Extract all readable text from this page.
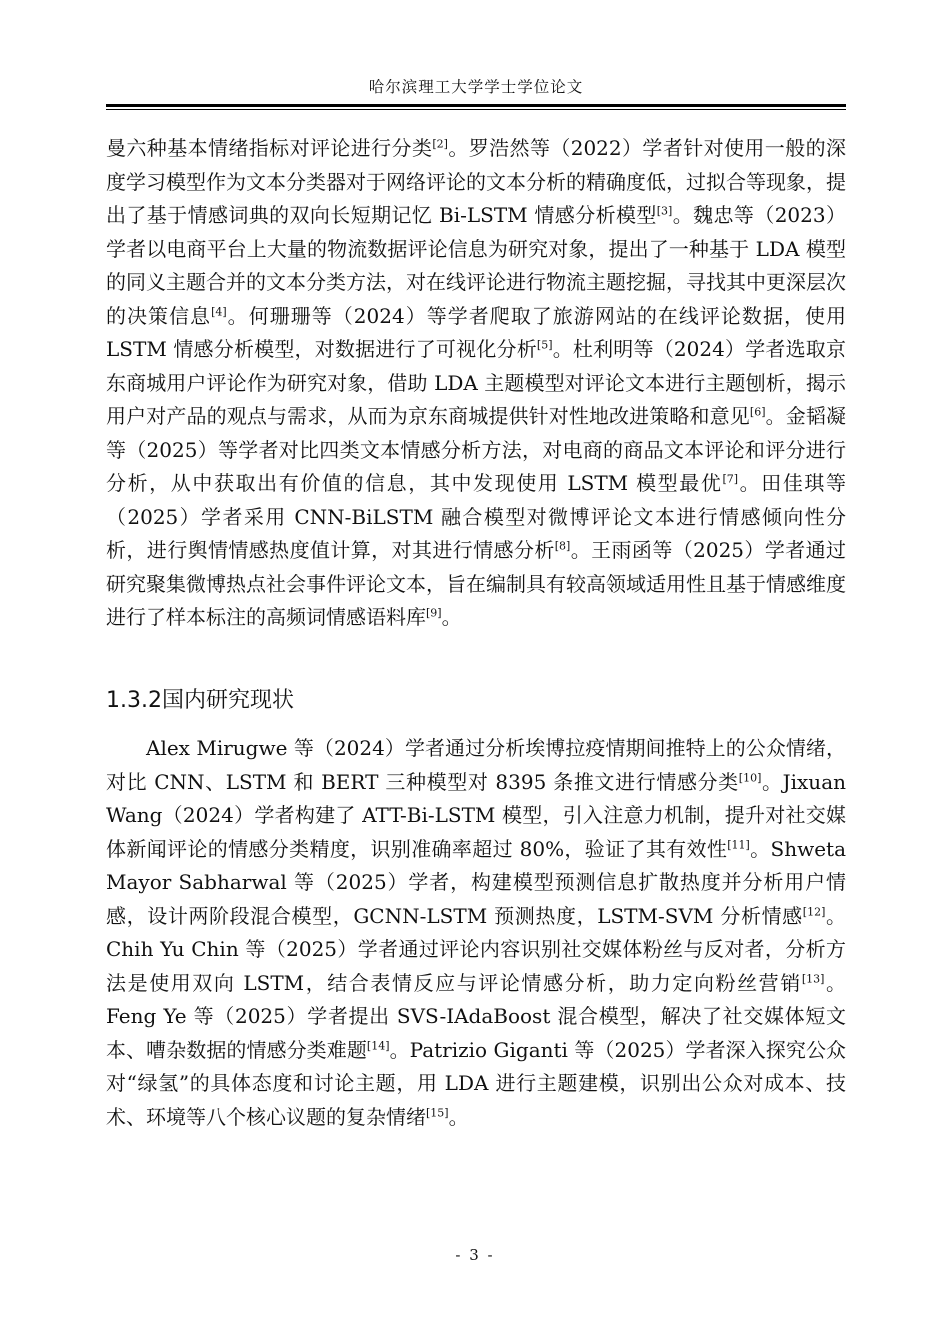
哈尔滨理工大学学士学位论文

曼六种基本情绪指标对评论进行分类[2]。罗浩然等（2022）学者针对使用一般的深度学习模型作为文本分类器对于网络评论的文本分析的精确度低，过拟合等现象，提出了基于情感词典的双向长短期记忆 Bi-LSTM 情感分析模型[3]。魏忠等（2023）学者以电商平台上大量的物流数据评论信息为研究对象，提出了一种基于 LDA 模型的同义主题合并的文本分类方法，对在线评论进行物流主题挖掘，寻找其中更深层次的决策信息[4]。何珊珊等（2024）等学者爬取了旅游网站的在线评论数据，使用 LSTM 情感分析模型，对数据进行了可视化分析[5]。杜利明等（2024）学者选取京东商城用户评论作为研究对象，借助 LDA 主题模型对评论文本进行主题刨析，揭示用户对产品的观点与需求，从而为京东商城提供针对性地改进策略和意见[6]。金韬凝等（2025）等学者对比四类文本情感分析方法，对电商的商品文本评论和评分进行分析，从中获取出有价值的信息，其中发现使用 LSTM 模型最优[7]。田佳琪等（2025）学者采用 CNN-BiLSTM 融合模型对微博评论文本进行情感倾向性分析，进行舆情情感热度值计算，对其进行情感分析[8]。王雨函等（2025）学者通过研究聚集微博热点社会事件评论文本，旨在编制具有较高领域适用性且基于情感维度进行了样本标注的高频词情感语料库[9]。

1.3.2国内研究现状

Alex Mirugwe 等（2024）学者通过分析埃博拉疫情期间推特上的公众情绪，对比 CNN、LSTM 和 BERT 三种模型对 8395 条推文进行情感分类[10]。Jixuan Wang（2024）学者构建了 ATT-Bi-LSTM 模型，引入注意力机制，提升对社交媒体新闻评论的情感分类精度，识别准确率超过 80%，验证了其有效性[11]。Shweta Mayor Sabharwal 等（2025）学者，构建模型预测信息扩散热度并分析用户情感，设计两阶段混合模型，GCNN-LSTM 预测热度，LSTM-SVM 分析情感[12]。Chih Yu Chin 等（2025）学者通过评论内容识别社交媒体粉丝与反对者，分析方法是使用双向 LSTM，结合表情反应与评论情感分析，助力定向粉丝营销[13]。Feng Ye 等（2025）学者提出 SVS-IAdaBoost 混合模型，解决了社交媒体短文本、嘈杂数据的情感分类难题[14]。Patrizio Giganti 等（2025）学者深入探究公众对“绿氢”的具体态度和讨论主题，用 LDA 进行主题建模，识别出公众对成本、技术、环境等八个核心议题的复杂情绪[15]。

- 3 -
